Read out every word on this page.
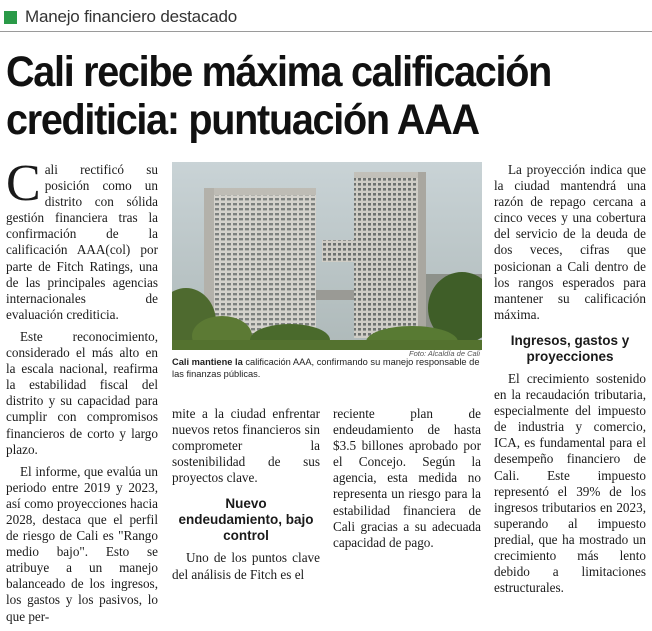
Manejo financiero destacado
Cali recibe máxima calificación
crediticia: puntuación AAA

Cali rectificó su posición como un distrito con sólida gestión financiera tras la confirmación de la calificación AAA(col) por parte de Fitch Ratings, una de las principales agencias internacionales de evaluación crediticia.

Este reconocimiento, considerado el más alto en la escala nacional, reafirma la estabilidad fiscal del distrito y su capacidad para cumplir con compromisos financieros de corto y largo plazo.

El informe, que evalúa un periodo entre 2019 y 2023, así como proyecciones hacia 2028, destaca que el perfil de riesgo de Cali es "Rango medio bajo". Esto se atribuye a un manejo balanceado de los ingresos, los gastos y los pasivos, lo que per-

Foto: Alcaldía de Cali
Cali mantiene la calificación AAA, confirmando su manejo responsable de las finanzas públicas.

mite a la ciudad enfrentar nuevos retos financieros sin comprometer la sostenibilidad de sus proyectos clave.

Nuevo endeudamiento, bajo control

Uno de los puntos clave del análisis de Fitch es el

reciente plan de endeudamiento de hasta $3.5 billones aprobado por el Concejo. Según la agencia, esta medida no representa un riesgo para la estabilidad financiera de Cali gracias a su adecuada capacidad de pago.

La proyección indica que la ciudad mantendrá una razón de repago cercana a cinco veces y una cobertura del servicio de la deuda de dos veces, cifras que posicionan a Cali dentro de los rangos esperados para mantener su calificación máxima.

Ingresos, gastos y proyecciones

El crecimiento sostenido en la recaudación tributaria, especialmente del impuesto de industria y comercio, ICA, es fundamental para el desempeño financiero de Cali. Este impuesto representó el 39% de los ingresos tributarios en 2023, superando al impuesto predial, que ha mostrado un crecimiento más lento debido a limitaciones estructurales.
